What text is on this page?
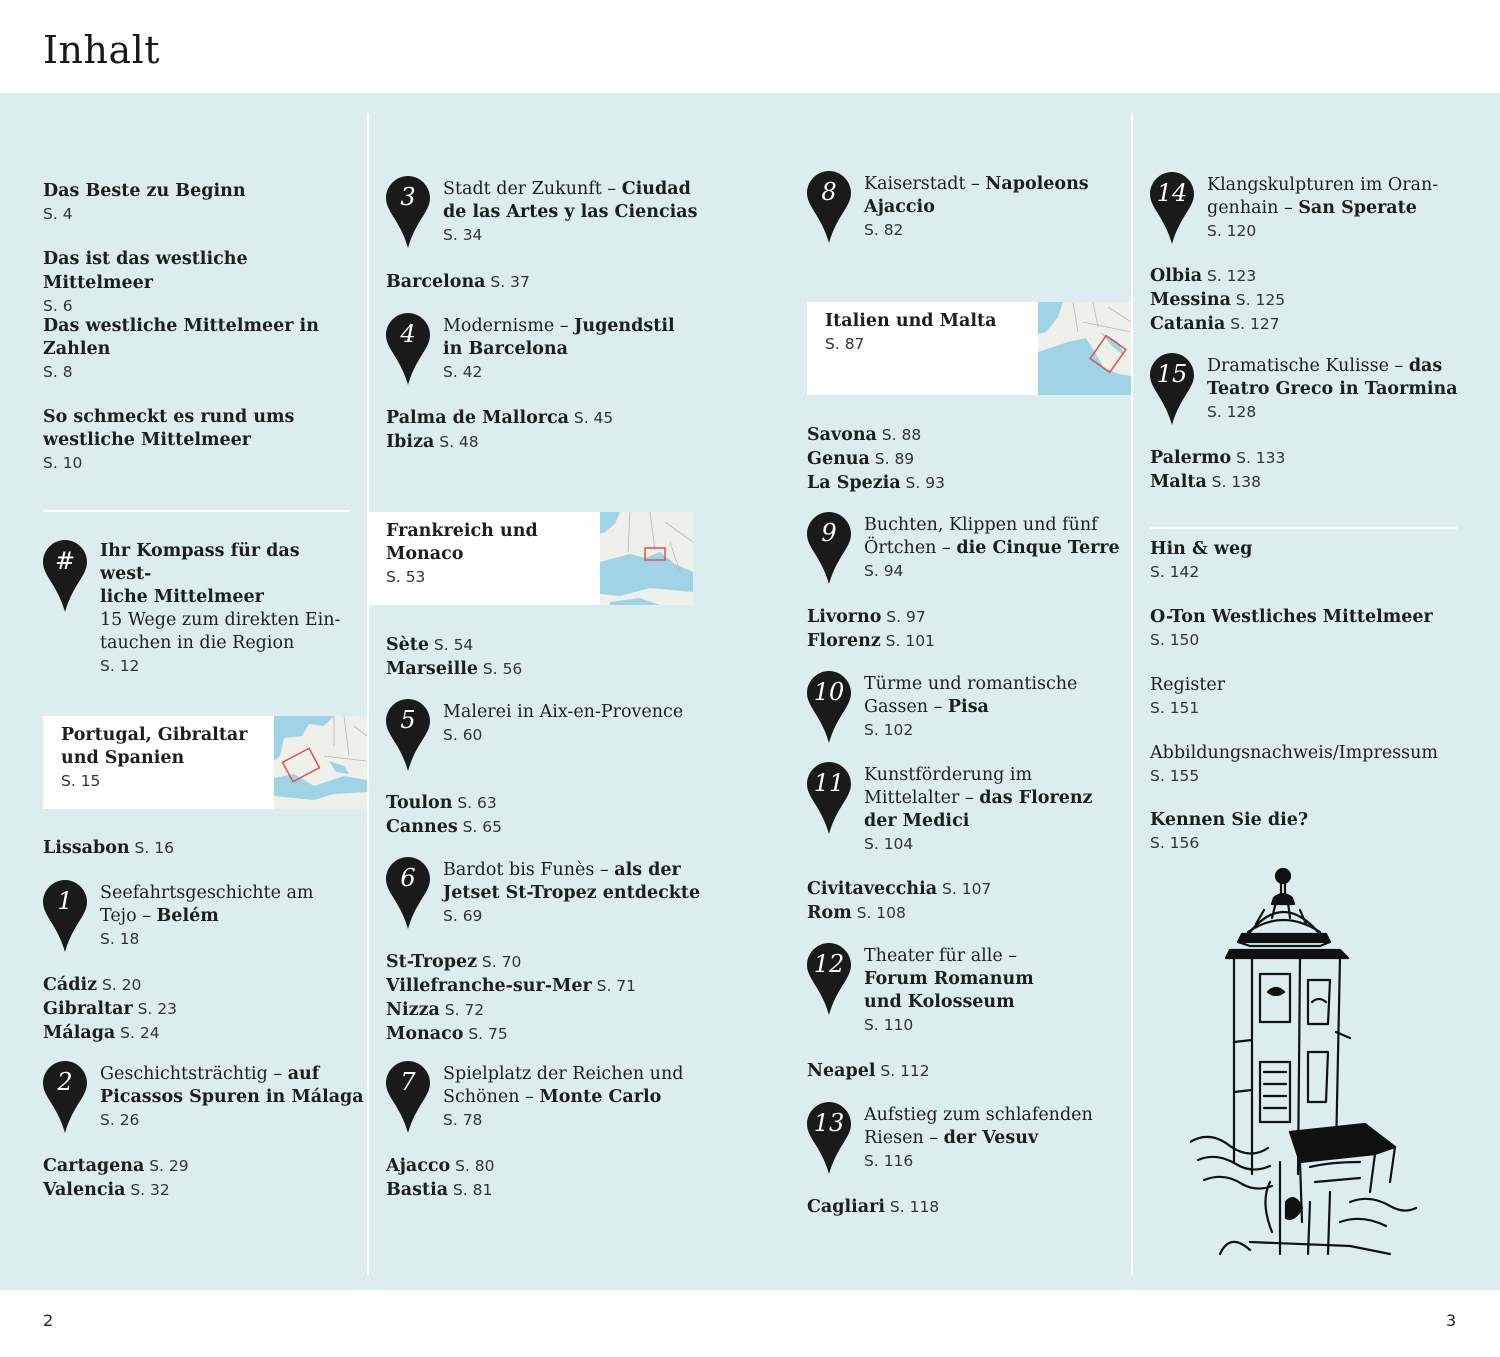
Inhalt
Das Beste zu Beginn
S. 4
Das ist das westliche Mittelmeer
S. 6
Das westliche Mittelmeer in
Zahlen
S. 8
So schmeckt es rund ums
westliche Mittelmeer
S. 10
#	Ihr Kompass für das west-
liche Mittelmeer
15 Wege zum direkten Ein-
tauchen in die Region
S. 12
Portugal, Gibraltar
und Spanien
S. 15
Lissabon S. 16
1	Seefahrtsgeschichte am
Tejo – Belém
S. 18
Cádiz S. 20
Gibraltar S. 23
Málaga S. 24
2	Geschichtsträchtig – auf
Picassos Spuren in Málaga
S. 26
Cartagena S. 29
Valencia S. 32
3	Stadt der Zukunft – Ciudad
de las Artes y las Ciencias
S. 34
Barcelona S. 37
4	Modernisme – Jugendstil
in Barcelona
S. 42
Palma de Mallorca S. 45
Ibiza S. 48
Frankreich und
Monaco
S. 53
Sète S. 54
Marseille S. 56
5	Malerei in Aix-en-Provence
S. 60
Toulon S. 63
Cannes S. 65
6	Bardot bis Funès – als der
Jetset St-Tropez entdeckte
S. 69
St-Tropez S. 70
Villefranche-sur-Mer S. 71
Nizza S. 72
Monaco S. 75
7	Spielplatz der Reichen und
Schönen – Monte Carlo
S. 78
Ajacco S. 80
Bastia S. 81
8	Kaiserstadt – Napoleons
Ajaccio
S. 82
Italien und Malta
S. 87
Savona S. 88
Genua S. 89
La Spezia S. 93
9	Buchten, Klippen und fünf
Örtchen – die Cinque Terre
S. 94
Livorno S. 97
Florenz S. 101
10	Türme und romantische
Gassen – Pisa
S. 102
11	Kunstförderung im
Mittelalter – das Florenz
der Medici
S. 104
Civitavecchia S. 107
Rom S. 108
12	Theater für alle –
Forum Romanum
und Kolosseum
S. 110
Neapel S. 112
13	Aufstieg zum schlafenden
Riesen – der Vesuv
S. 116
Cagliari S. 118
14	Klangskulpturen im Oran-
genhain – San Sperate
S. 120
Olbia S. 123
Messina S. 125
Catania S. 127
15	Dramatische Kulisse – das
Teatro Greco in Taormina
S. 128
Palermo S. 133
Malta S. 138
Hin & weg
S. 142
O-Ton Westliches Mittelmeer
S. 150
Register
S. 151
Abbildungsnachweis/Impressum
S. 155
Kennen Sie die?
S. 156
2	3
